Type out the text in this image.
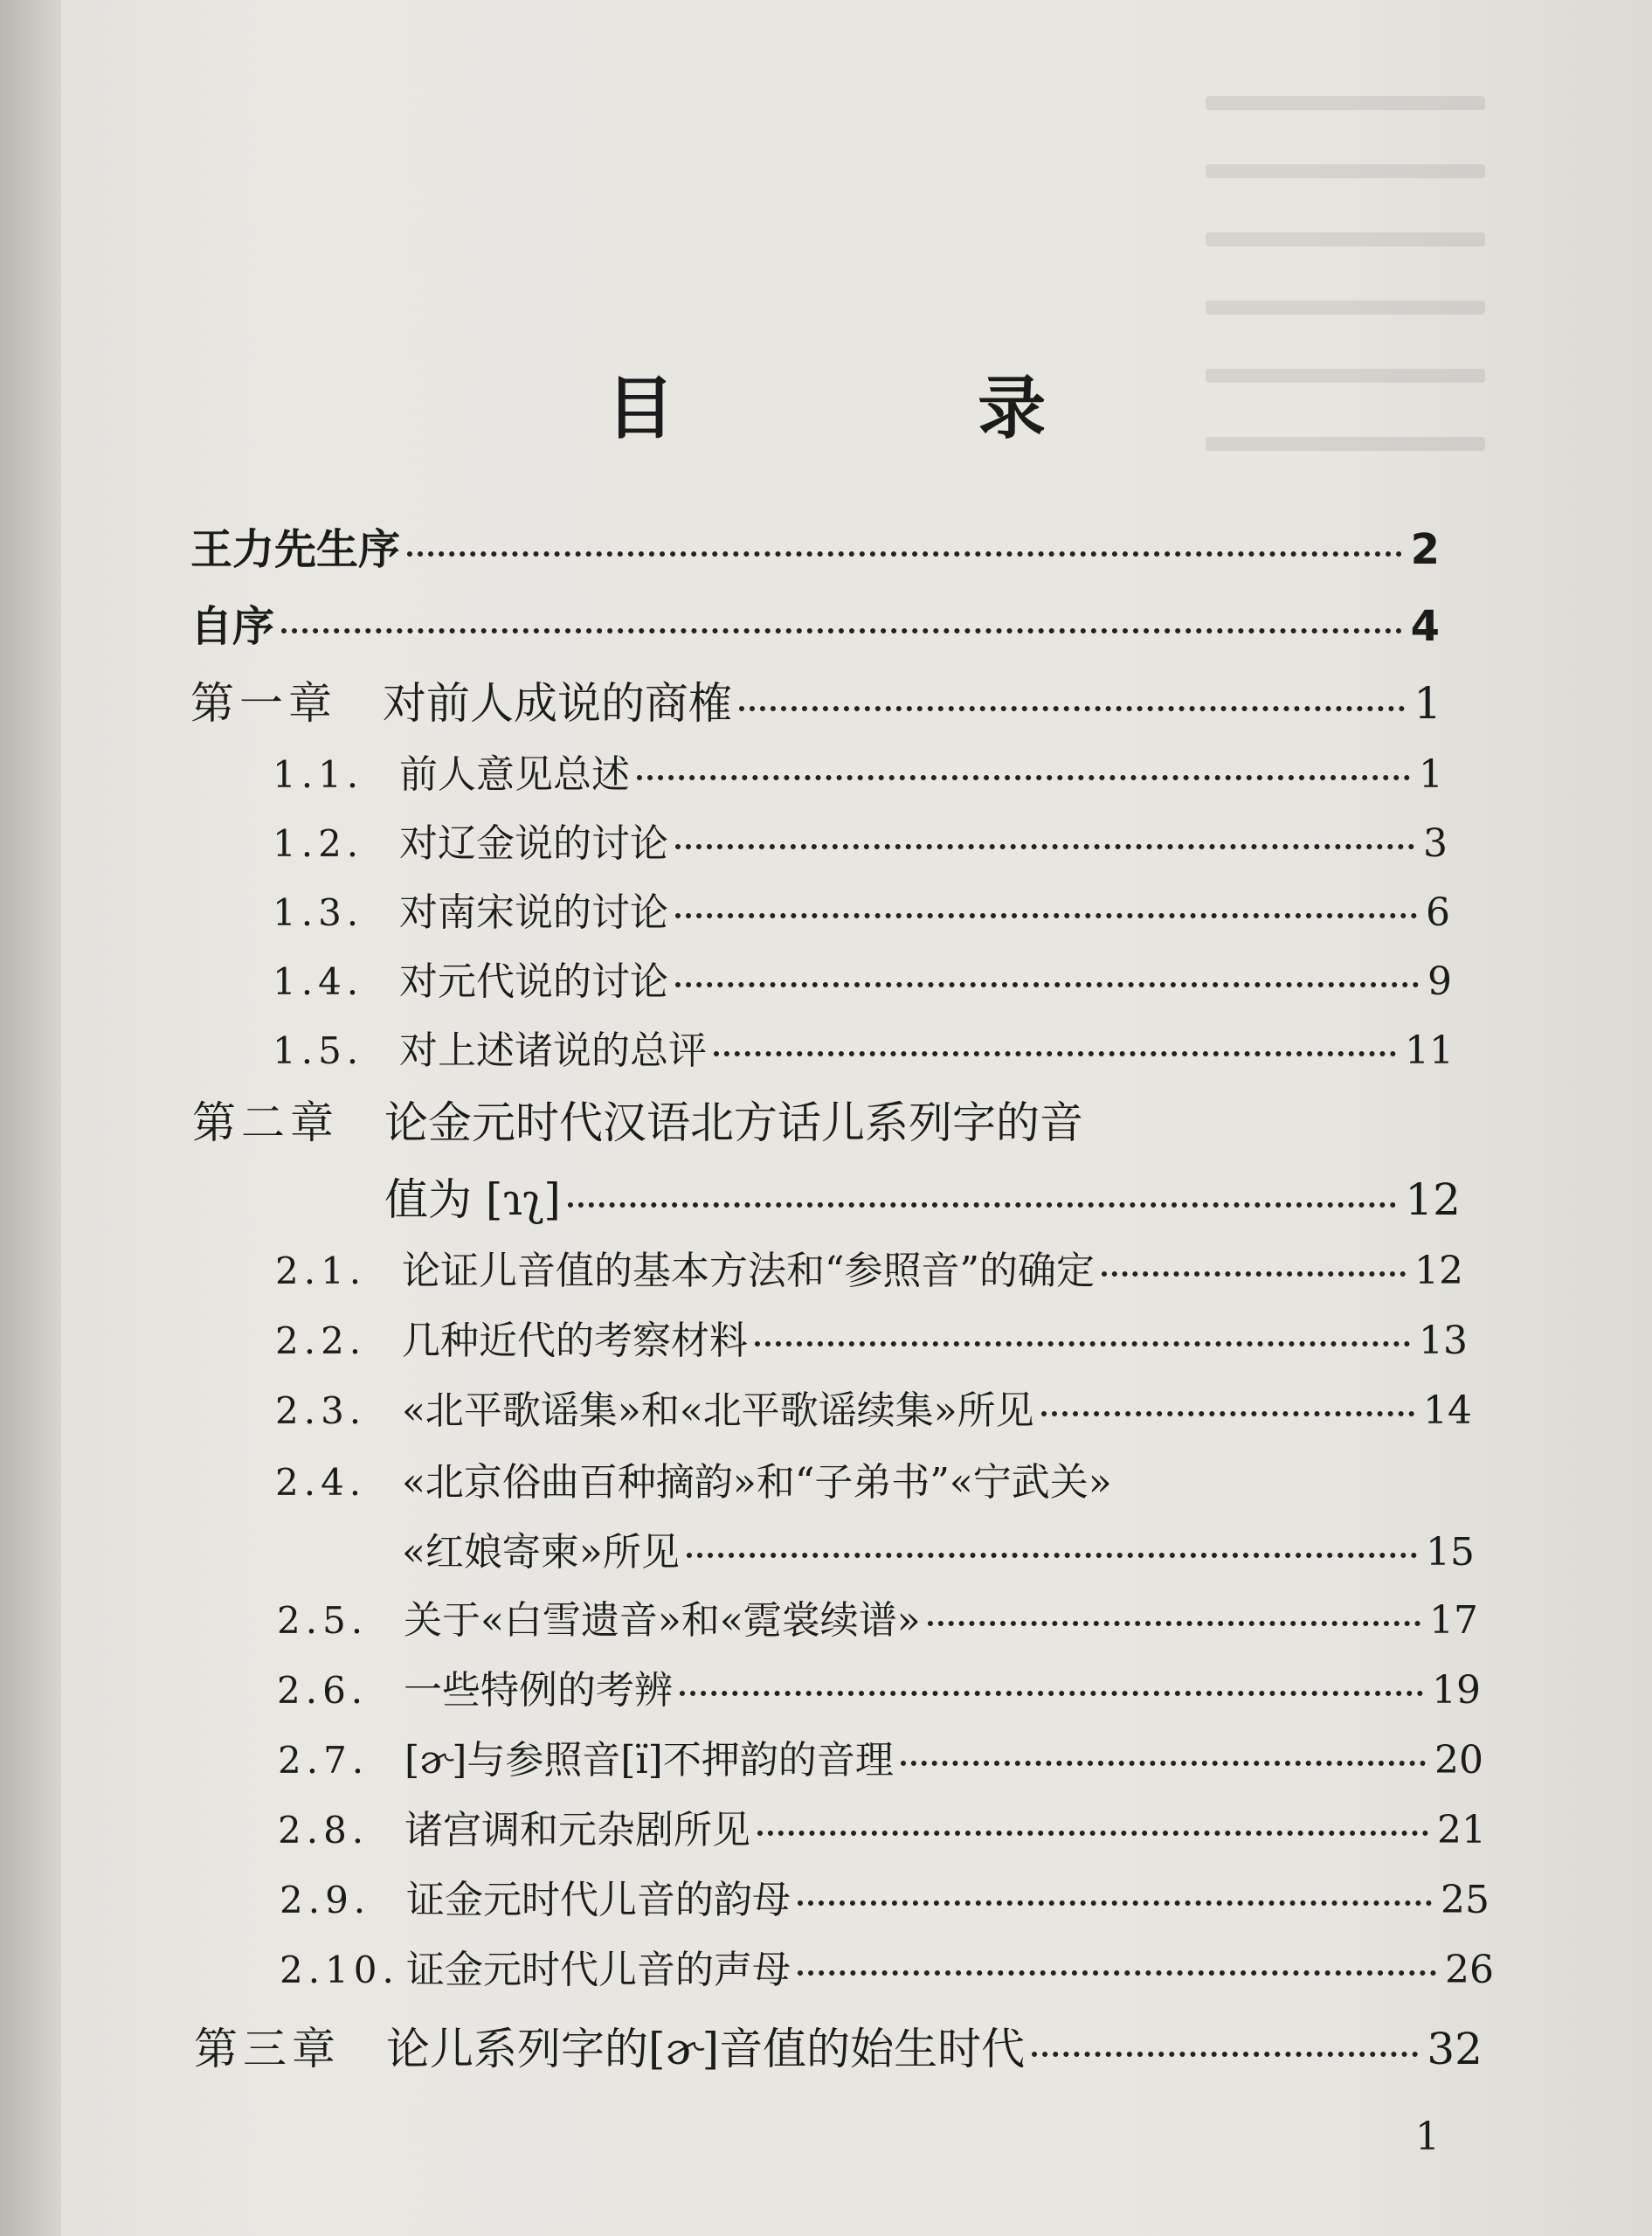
目 录
王力先生序	2
自序	4
第一章	对前人成说的商榷	1
1.1. 前人意见总述	1
1.2. 对辽金说的讨论	3
1.3. 对南宋说的讨论	6
1.4. 对元代说的讨论	9
1.5. 对上述诸说的总评	11
第二章	论金元时代汉语北方话儿系列字的音
值为 [ɿʅ]	12
2.1. 论证儿音值的基本方法和“参照音”的确定	12
2.2. 几种近代的考察材料	13
2.3. «北平歌谣集»和«北平歌谣续集»所见	14
2.4. «北京俗曲百种摘韵»和“子弟书”«宁武关»
«红娘寄柬»所见	15
2.5. 关于«白雪遗音»和«霓裳续谱»	17
2.6. 一些特例的考辨	19
2.7. [ɚ]与参照音[ï]不押韵的音理	20
2.8. 诸宫调和元杂剧所见	21
2.9. 证金元时代儿音的韵母	25
2.10. 证金元时代儿音的声母	26
第三章	论儿系列字的[ɚ]音值的始生时代	32
1
